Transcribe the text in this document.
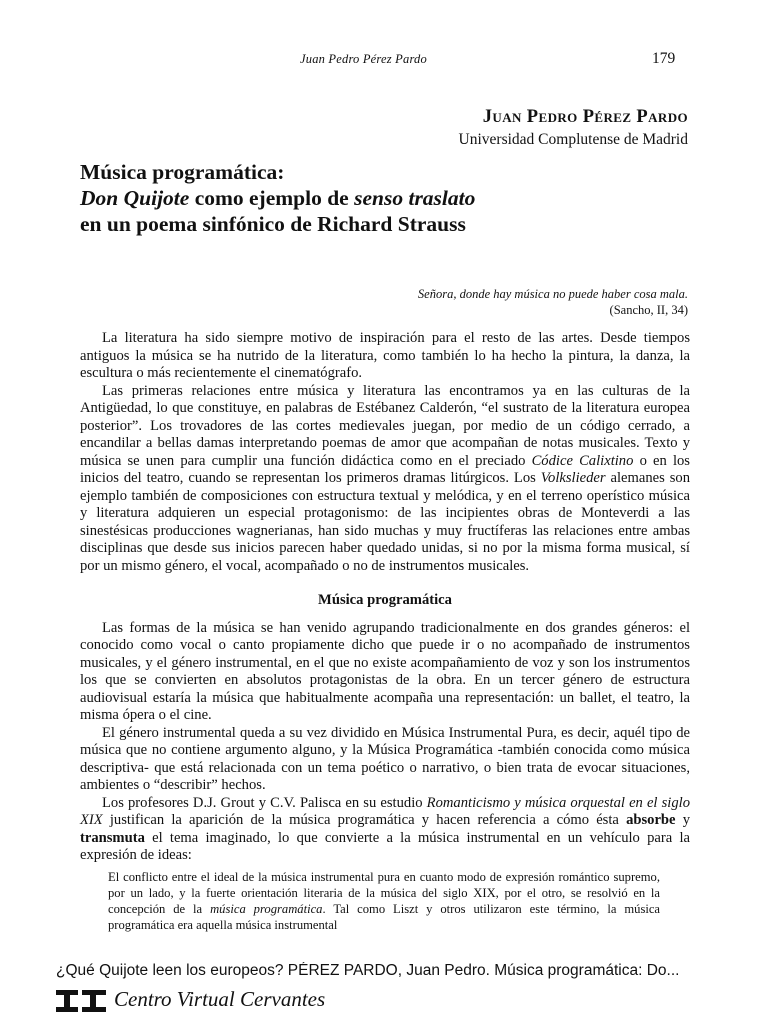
Juan Pedro Pérez Pardo	179
Juan Pedro Pérez Pardo
Universidad Complutense de Madrid
Música programática:
Don Quijote como ejemplo de senso traslato
en un poema sinfónico de Richard Strauss
Señora, donde hay música no puede haber cosa mala.
(Sancho, II, 34)

La literatura ha sido siempre motivo de inspiración para el resto de las artes. Desde tiempos antiguos la música se ha nutrido de la literatura, como también lo ha hecho la pintura, la danza, la escultura o más recientemente el cinematógrafo.

Las primeras relaciones entre música y literatura las encontramos ya en las culturas de la Antigüedad, lo que constituye, en palabras de Estébanez Calderón, “el sustrato de la literatura europea posterior”. Los trovadores de las cortes medievales juegan, por medio de un código cerrado, a encandilar a bellas damas interpretando poemas de amor que acompañan de notas musicales. Texto y música se unen para cumplir una función didáctica como en el preciado Códice Calixtino o en los inicios del teatro, cuando se representan los primeros dramas litúrgicos. Los Volkslieder alemanes son ejemplo también de composiciones con estructura textual y melódica, y en el terreno operístico música y literatura adquieren un especial protagonismo: de las incipientes obras de Monteverdi a las sinestésicas producciones wagnerianas, han sido muchas y muy fructíferas las relaciones entre ambas disciplinas que desde sus inicios parecen haber quedado unidas, si no por la misma forma musical, sí por un mismo género, el vocal, acompañado o no de instrumentos musicales.

Música programática

Las formas de la música se han venido agrupando tradicionalmente en dos grandes géneros: el conocido como vocal o canto propiamente dicho que puede ir o no acompañado de instrumentos musicales, y el género instrumental, en el que no existe acompañamiento de voz y son los instrumentos los que se convierten en absolutos protagonistas de la obra. En un tercer género de estructura audiovisual estaría la música que habitualmente acompaña una representación: un ballet, el teatro, la misma ópera o el cine.

El género instrumental queda a su vez dividido en Música Instrumental Pura, es decir, aquél tipo de música que no contiene argumento alguno, y la Música Programática -también conocida como música descriptiva- que está relacionada con un tema poético o narrativo, o bien trata de evocar situaciones, ambientes o “describir” hechos.

Los profesores D.J. Grout y C.V. Palisca en su estudio Romanticismo y música orquestal en el siglo XIX justifican la aparición de la música programática y hacen referencia a cómo ésta absorbe y transmuta el tema imaginado, lo que convierte a la música instrumental en un vehículo para la expresión de ideas:

El conflicto entre el ideal de la música instrumental pura en cuanto modo de expresión romántico supremo, por un lado, y la fuerte orientación literaria de la música del siglo XIX, por el otro, se resolvió en la concepción de la música programática. Tal como Liszt y otros utilizaron este término, la música programática era aquella música instrumental

¿Qué Quijote leen los europeos? PÉREZ PARDO, Juan Pedro. Música programática: Do...
Centro Virtual Cervantes
